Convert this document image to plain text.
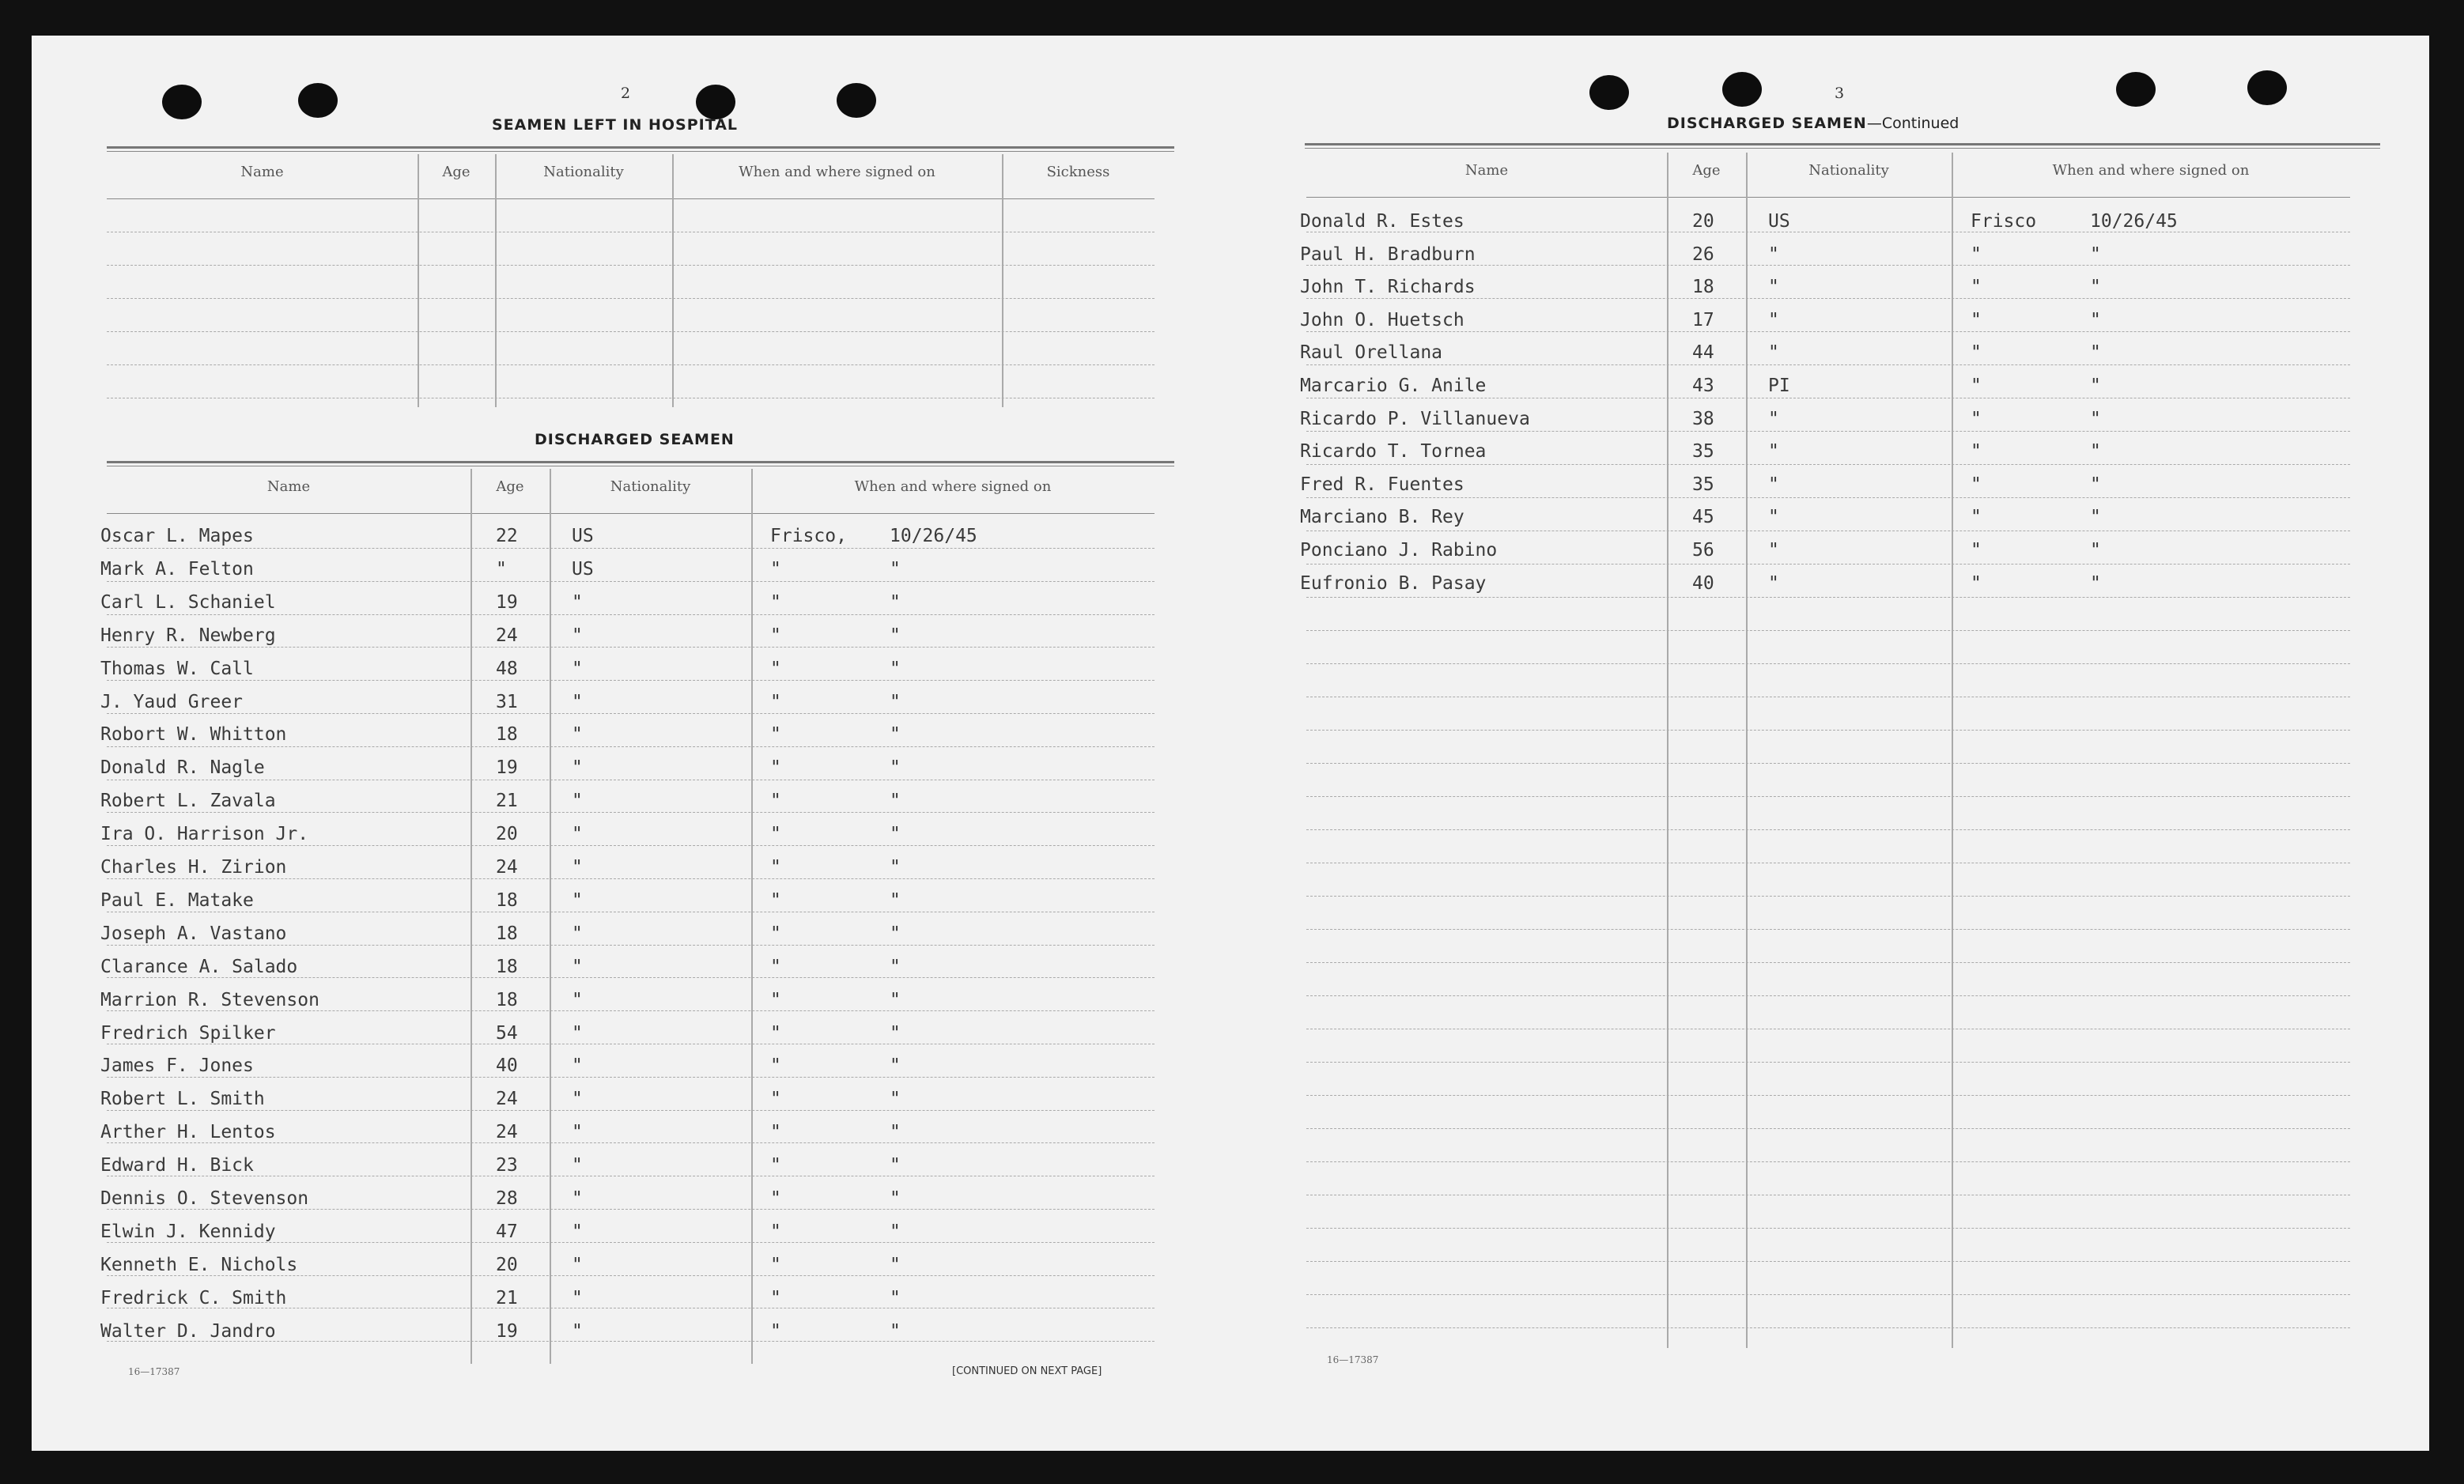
2
SEAMEN LEFT IN HOSPITAL
Name	Age	Nationality	When and where signed on	Sickness
DISCHARGED SEAMEN
Name	Age	Nationality	When and where signed on
Oscar L. Mapes	22	US	Frisco, 10/26/45
Mark A. Felton	"	US	"	"
Carl L. Schaniel	19	"	"	"
Henry R. Newberg	24	"	"	"
Thomas W. Call	48	"	"	"
J. Yaud Greer	31	"	"	"
Robort W. Whitton	18	"	"	"
Donald R. Nagle	19	"	"	"
Robert L. Zavala	21	"	"	"
Ira O. Harrison Jr.	20	"	"	"
Charles H. Zirion	24	"	"	"
Paul E. Matake	18	"	"	"
Joseph A. Vastano	18	"	"	"
Clarance A. Salado	18	"	"	"
Marrion R. Stevenson	18	"	"	"
Fredrich Spilker	54	"	"	"
James F. Jones	40	"	"	"
Robert L. Smith	24	"	"	"
Arther H. Lentos	24	"	"	"
Edward H. Bick	23	"	"	"
Dennis O. Stevenson	28	"	"	"
Elwin J. Kennidy	47	"	"	"
Kenneth E. Nichols	20	"	"	"
Fredrick C. Smith	21	"	"	"
Walter D. Jandro	19	"	"	"
16—17387	[CONTINUED ON NEXT PAGE]
3
DISCHARGED SEAMEN—Continued
Name	Age	Nationality	When and where signed on
Donald R. Estes	20	US	Frisco	10/26/45
Paul H. Bradburn	26	"	"	"
John T. Richards	18	"	"	"
John O. Huetsch	17	"	"	"
Raul Orellana	44	"	"	"
Marcario G. Anile	43	PI	"	"
Ricardo P. Villanueva	38	"	"	"
Ricardo T. Tornea	35	"	"	"
Fred R. Fuentes	35	"	"	"
Marciano B. Rey	45	"	"	"
Ponciano J. Rabino	56	"	"	"
Eufronio B. Pasay	40	"	"	"
16—17387
